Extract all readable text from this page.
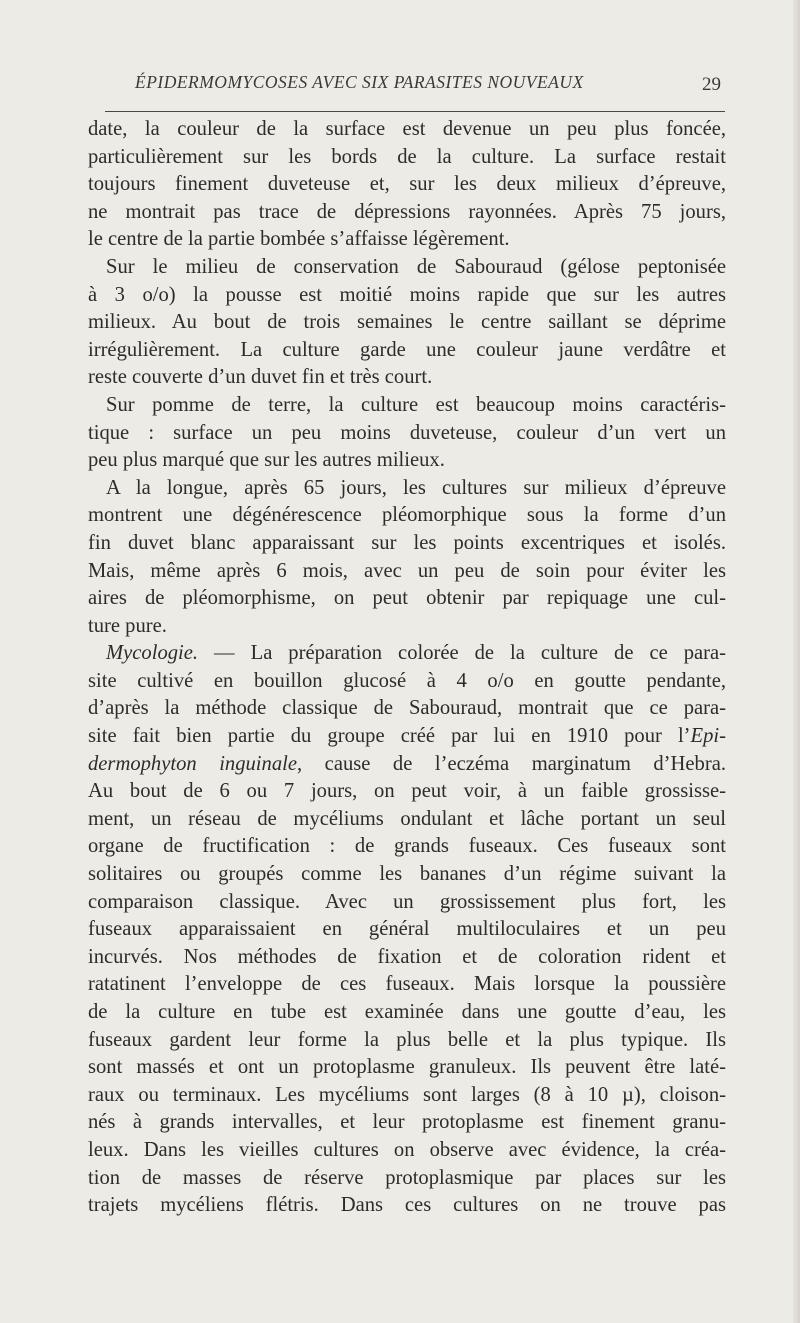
ÉPIDERMOMYCOSES AVEC SIX PARASITES NOUVEAUX	29
date, la couleur de la surface est devenue un peu plus foncée,
particulièrement sur les bords de la culture. La surface restait
toujours finement duveteuse et, sur les deux milieux d’épreuve,
ne montrait pas trace de dépressions rayonnées. Après 75 jours,
le centre de la partie bombée s’affaisse légèrement.
Sur le milieu de conservation de Sabouraud (gélose peptonisée
à 3 o/o) la pousse est moitié moins rapide que sur les autres
milieux. Au bout de trois semaines le centre saillant se déprime
irrégulièrement. La culture garde une couleur jaune verdâtre et
reste couverte d’un duvet fin et très court.
Sur pomme de terre, la culture est beaucoup moins caractéris-
tique : surface un peu moins duveteuse, couleur d’un vert un
peu plus marqué que sur les autres milieux.
A la longue, après 65 jours, les cultures sur milieux d’épreuve
montrent une dégénérescence pléomorphique sous la forme d’un
fin duvet blanc apparaissant sur les points excentriques et isolés.
Mais, même après 6 mois, avec un peu de soin pour éviter les
aires de pléomorphisme, on peut obtenir par repiquage une cul-
ture pure.
Mycologie. — La préparation colorée de la culture de ce para-
site cultivé en bouillon glucosé à 4 o/o en goutte pendante,
d’après la méthode classique de Sabouraud, montrait que ce para-
site fait bien partie du groupe créé par lui en 1910 pour l’Epi-
dermophyton inguinale, cause de l’eczéma marginatum d’Hebra.
Au bout de 6 ou 7 jours, on peut voir, à un faible grossisse-
ment, un réseau de mycéliums ondulant et lâche portant un seul
organe de fructification : de grands fuseaux. Ces fuseaux sont
solitaires ou groupés comme les bananes d’un régime suivant la
comparaison classique. Avec un grossissement plus fort, les
fuseaux apparaissaient en général multiloculaires et un peu
incurvés. Nos méthodes de fixation et de coloration rident et
ratatinent l’enveloppe de ces fuseaux. Mais lorsque la poussière
de la culture en tube est examinée dans une goutte d’eau, les
fuseaux gardent leur forme la plus belle et la plus typique. Ils
sont massés et ont un protoplasme granuleux. Ils peuvent être laté-
raux ou terminaux. Les mycéliums sont larges (8 à 10 µ), cloison-
nés à grands intervalles, et leur protoplasme est finement granu-
leux. Dans les vieilles cultures on observe avec évidence, la créa-
tion de masses de réserve protoplasmique par places sur les
trajets mycéliens flétris. Dans ces cultures on ne trouve pas
